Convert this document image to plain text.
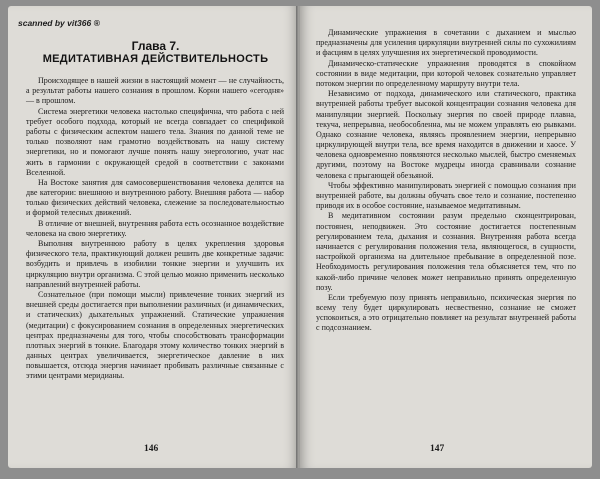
scanned by vit366 ®
Глава 7.
МЕДИТАТИВНАЯ ДЕЙСТВИТЕЛЬНОСТЬ

Происходящее в нашей жизни в настоящий момент — не случайность, а результат работы нашего сознания в прошлом. Корни нашего «сегодня» — в прошлом.

Система энергетики человека настолько специфична, что работа с ней требует особого подхода, который не всегда совпадает со спецификой работы с физическим аспектом нашего тела. Знания по данной теме не только позволяют нам грамотно воздействовать на нашу систему энергетики, но и помогают лучше понять нашу энергологию, учат нас жить в гармонии с окружающей средой в соответствии с законами Вселенной.

На Востоке занятия для самосовершенствования человека делятся на две категории: внешнюю и внутреннюю работу. Внешняя работа — набор только физических действий человека, слежение за последовательностью и формой телесных движений.

В отличие от внешней, внутренняя работа есть осознанное воздействие человека на свою энергетику.

Выполняя внутреннюю работу в целях укрепления здоровья физического тела, практикующий должен решить две конкретные задачи: возбудить и привлечь в изобилии тонкие энергии и улучшить их циркуляцию внутри организма. С этой целью можно применить несколько направлений внутренней работы.

Сознательное (при помощи мысли) привлечение тонких энергий из внешней среды достигается при выполнении различных (и динамических, и статических) дыхательных упражнений. Статические упражнения (медитации) с фокусированием сознания в определенных энергетических центрах предназначены для того, чтобы способствовать трансформации плотных энергий в тонкие. Благодаря этому количество тонких энергий в данных центрах увеличивается, энергетическое давление в них повышается, отсюда энергия начинает пробивать различные связанные с этими центрами меридианы.

146

Динамические упражнения в сочетании с дыханием и мыслью предназначены для усиления циркуляции внутренней силы по сухожилиям и фасциям в целях улучшения их энергетической проводимости.

Динамическо-статические упражнения проводятся в спокойном состоянии в виде медитации, при которой человек сознательно управляет потоком энергии по определенному маршруту внутри тела.

Независимо от подхода, динамического или статического, практика внутренней работы требует высокой концентрации сознания человека для манипуляции энергией. Поскольку энергия по своей природе плавна, текуча, непрерывна, необособленна, мы не можем управлять ею рывками. Однако сознание человека, являясь проявлением энергии, непрерывно циркулирующей внутри тела, все время находится в движении и хаосе. У человека одновременно появляются несколько мыслей, быстро сменяемых другими, поэтому на Востоке мудрецы иногда сравнивали сознание человека с прыгающей обезьяной.

Чтобы эффективно манипулировать энергией с помощью сознания при внутренней работе, вы должны обучать свое тело и сознание, постепенно приводя их в особое состояние, называемое медитативным.

В медитативном состоянии разум предельно сконцентрирован, постоянен, неподвижен. Это состояние достигается постепенным регулированием тела, дыхания и сознания. Внутренняя работа всегда начинается с регулирования положения тела, являющегося, в сущности, настройкой организма на длительное пребывание в определенной позе. Необходимость регулирования положения тела объясняется тем, что по какой-либо причине человек может неправильно принять определенную позу.

Если требуемую позу принять неправильно, психическая энергия по всему телу будет циркулировать несвественно, сознание не сможет успокоиться, а это отрицательно повлияет на результат внутренней работы с подсознанием.

147
